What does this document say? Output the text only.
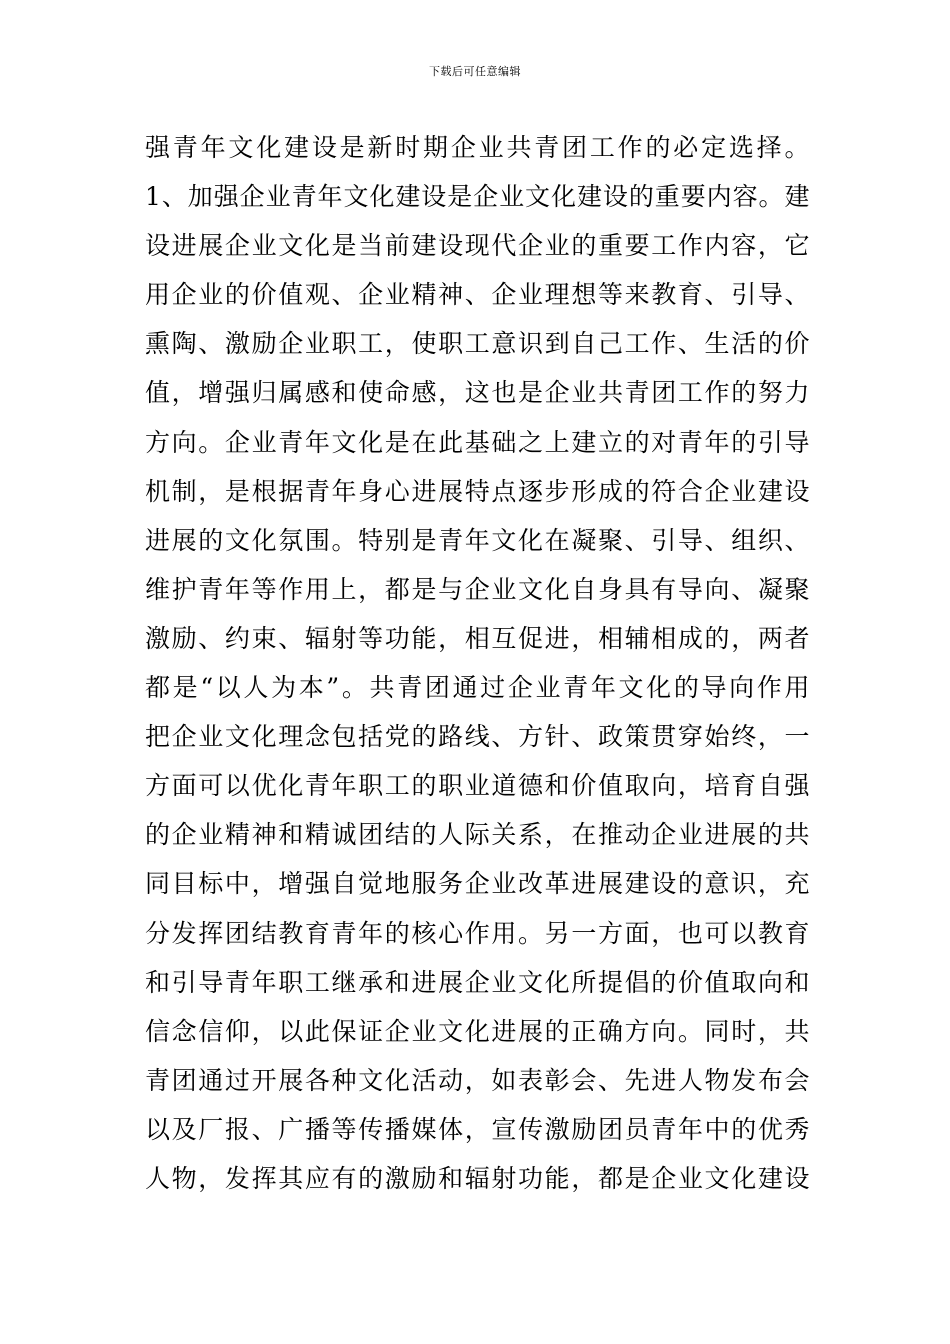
下载后可任意编辑
强青年文化建设是新时期企业共青团工作的必定选择。
1、加强企业青年文化建设是企业文化建设的重要内容。建
设进展企业文化是当前建设现代企业的重要工作内容，它
用企业的价值观、企业精神、企业理想等来教育、引导、
熏陶、激励企业职工，使职工意识到自己工作、生活的价
值，增强归属感和使命感，这也是企业共青团工作的努力
方向。企业青年文化是在此基础之上建立的对青年的引导
机制，是根据青年身心进展特点逐步形成的符合企业建设
进展的文化氛围。特别是青年文化在凝聚、引导、组织、
维护青年等作用上，都是与企业文化自身具有导向、凝聚
激励、约束、辐射等功能，相互促进，相辅相成的，两者
都是“以人为本”。共青团通过企业青年文化的导向作用
把企业文化理念包括党的路线、方针、政策贯穿始终，一
方面可以优化青年职工的职业道德和价值取向，培育自强
的企业精神和精诚团结的人际关系，在推动企业进展的共
同目标中，增强自觉地服务企业改革进展建设的意识，充
分发挥团结教育青年的核心作用。另一方面，也可以教育
和引导青年职工继承和进展企业文化所提倡的价值取向和
信念信仰，以此保证企业文化进展的正确方向。同时，共
青团通过开展各种文化活动，如表彰会、先进人物发布会
以及厂报、广播等传播媒体，宣传激励团员青年中的优秀
人物，发挥其应有的激励和辐射功能，都是企业文化建设
